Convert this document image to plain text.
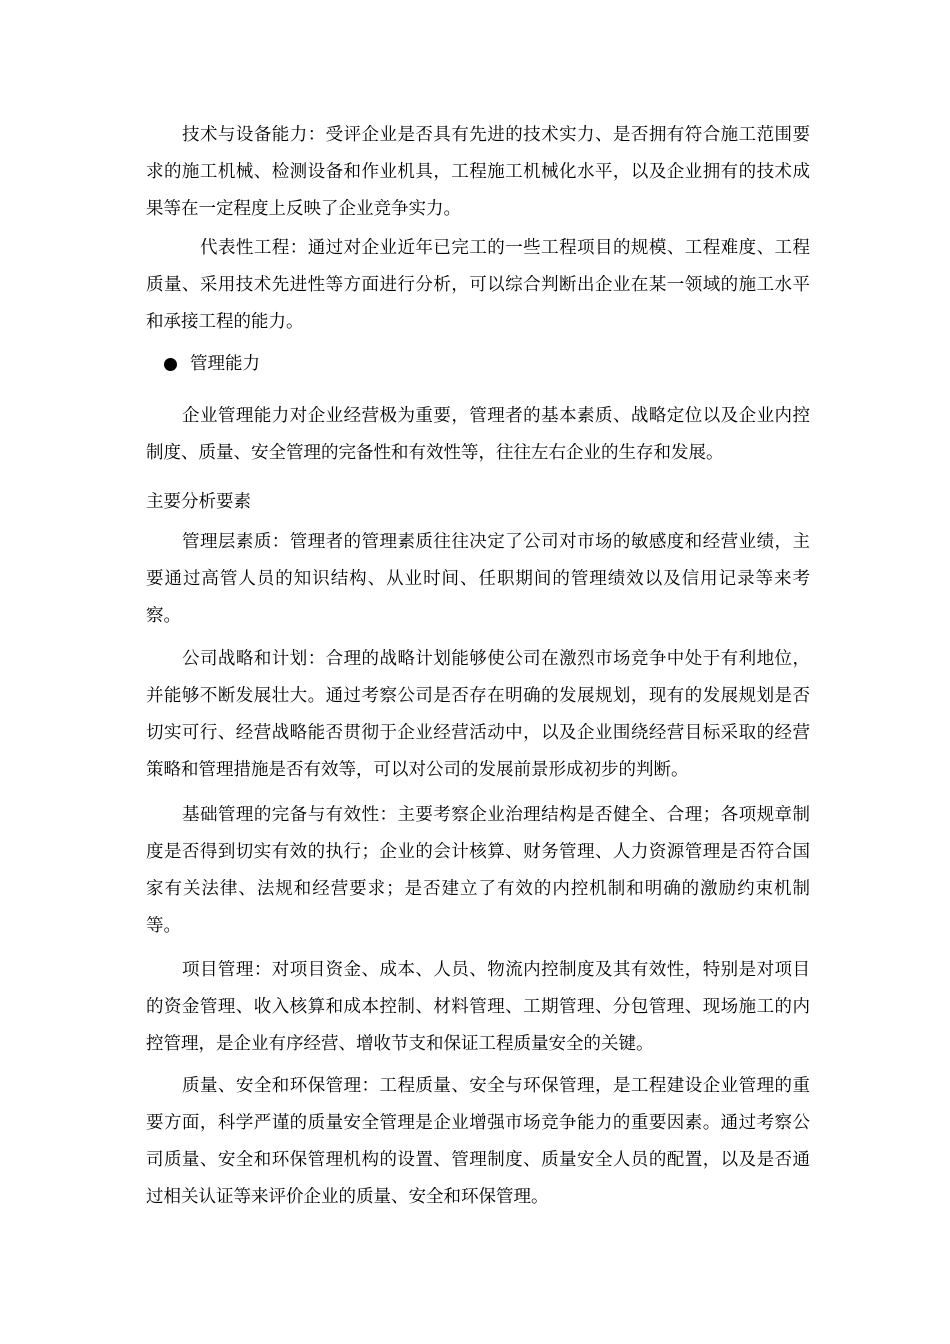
技术与设备能力：受评企业是否具有先进的技术实力、是否拥有符合施工范围要求的施工机械、检测设备和作业机具，工程施工机械化水平，以及企业拥有的技术成果等在一定程度上反映了企业竞争实力。

代表性工程：通过对企业近年已完工的一些工程项目的规模、工程难度、工程质量、采用技术先进性等方面进行分析，可以综合判断出企业在某一领域的施工水平和承接工程的能力。

管理能力

企业管理能力对企业经营极为重要，管理者的基本素质、战略定位以及企业内控制度、质量、安全管理的完备性和有效性等，往往左右企业的生存和发展。

主要分析要素

管理层素质：管理者的管理素质往往决定了公司对市场的敏感度和经营业绩，主要通过高管人员的知识结构、从业时间、任职期间的管理绩效以及信用记录等来考察。

公司战略和计划：合理的战略计划能够使公司在激烈市场竞争中处于有利地位，并能够不断发展壮大。通过考察公司是否存在明确的发展规划，现有的发展规划是否切实可行、经营战略能否贯彻于企业经营活动中，以及企业围绕经营目标采取的经营策略和管理措施是否有效等，可以对公司的发展前景形成初步的判断。

基础管理的完备与有效性：主要考察企业治理结构是否健全、合理；各项规章制度是否得到切实有效的执行；企业的会计核算、财务管理、人力资源管理是否符合国家有关法律、法规和经营要求；是否建立了有效的内控机制和明确的激励约束机制等。

项目管理：对项目资金、成本、人员、物流内控制度及其有效性，特别是对项目的资金管理、收入核算和成本控制、材料管理、工期管理、分包管理、现场施工的内控管理，是企业有序经营、增收节支和保证工程质量安全的关键。

质量、安全和环保管理：工程质量、安全与环保管理，是工程建设企业管理的重要方面，科学严谨的质量安全管理是企业增强市场竞争能力的重要因素。通过考察公司质量、安全和环保管理机构的设置、管理制度、质量安全人员的配置，以及是否通过相关认证等来评价企业的质量、安全和环保管理。
